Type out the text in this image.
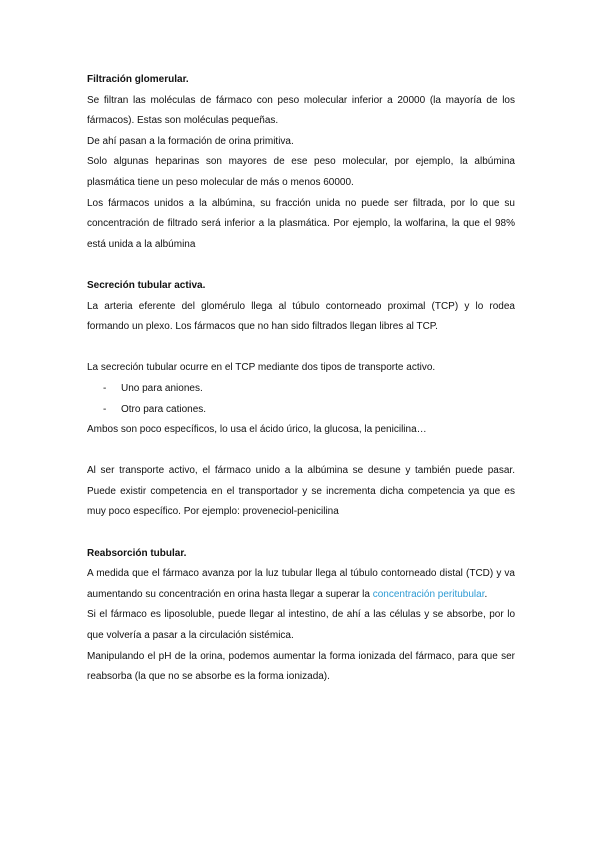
Filtración glomerular.

Se filtran las moléculas de fármaco con peso molecular inferior a 20000 (la mayoría de los fármacos). Estas son moléculas pequeñas.

De ahí pasan a la formación de orina primitiva.

Solo algunas heparinas son mayores de ese peso molecular, por ejemplo, la albúmina plasmática tiene un peso molecular de más o menos 60000.

Los fármacos unidos a la albúmina, su fracción unida no puede ser filtrada, por lo que su concentración de filtrado será inferior a la plasmática. Por ejemplo, la wolfarina, la que el 98% está unida a la albúmina

Secreción tubular activa.

La arteria eferente del glomérulo llega al túbulo contorneado proximal (TCP) y lo rodea formando un plexo. Los fármacos que no han sido filtrados llegan libres al TCP.

La secreción tubular ocurre en el TCP mediante dos tipos de transporte activo.

- Uno para aniones.

- Otro para cationes.

Ambos son poco específicos, lo usa el ácido úrico, la glucosa, la penicilina…

Al ser transporte activo, el fármaco unido a la albúmina se desune y también puede pasar. Puede existir competencia en el transportador y se incrementa dicha competencia ya que es muy poco específico. Por ejemplo: proveneciol-penicilina

Reabsorción tubular.

A medida que el fármaco avanza por la luz tubular llega al túbulo contorneado distal (TCD) y va aumentando su concentración en orina hasta llegar a superar la concentración peritubular.

Si el fármaco es liposoluble, puede llegar al intestino, de ahí a las células y se absorbe, por lo que volvería a pasar a la circulación sistémica.

Manipulando el pH de la orina, podemos aumentar la forma ionizada del fármaco, para que ser reabsorba (la que no se absorbe es la forma ionizada).
